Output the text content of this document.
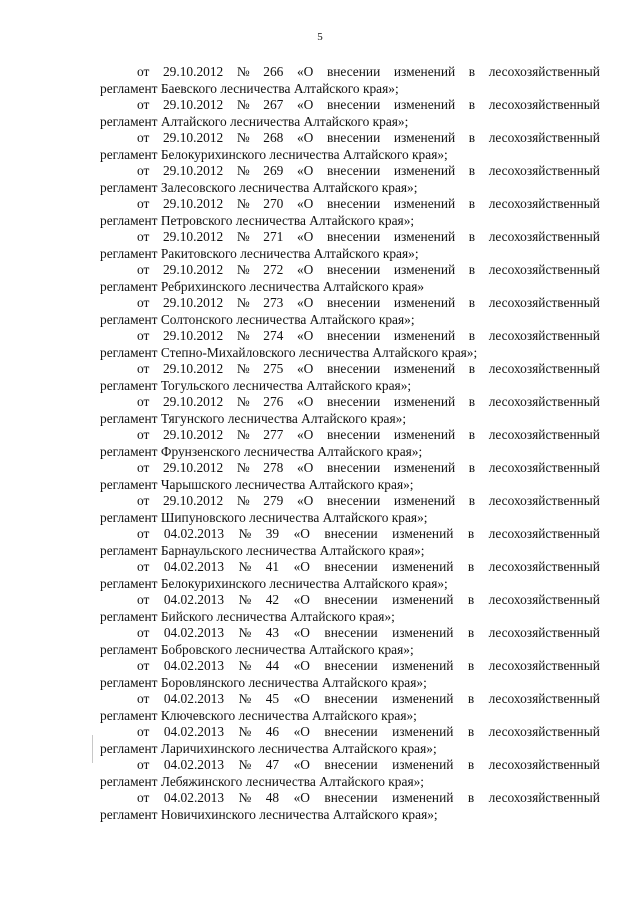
5
от 29.10.2012 № 266 «О внесении изменений в лесохозяйственный
регламент Баевского лесничества Алтайского края»;
от 29.10.2012 № 267 «О внесении изменений в лесохозяйственный
регламент Алтайского лесничества Алтайского края»;
от 29.10.2012 № 268 «О внесении изменений в лесохозяйственный
регламент Белокурихинского лесничества Алтайского края»;
от 29.10.2012 № 269 «О внесении изменений в лесохозяйственный
регламент Залесовского лесничества Алтайского края»;
от 29.10.2012 № 270 «О внесении изменений в лесохозяйственный
регламент Петровского лесничества Алтайского края»;
от 29.10.2012 № 271 «О внесении изменений в лесохозяйственный
регламент Ракитовского лесничества Алтайского края»;
от 29.10.2012 № 272 «О внесении изменений в лесохозяйственный
регламент Ребрихинского лесничества Алтайского края»
от 29.10.2012 № 273 «О внесении изменений в лесохозяйственный
регламент Солтонского лесничества Алтайского края»;
от 29.10.2012 № 274 «О внесении изменений в лесохозяйственный
регламент Степно-Михайловского лесничества Алтайского края»;
от 29.10.2012 № 275 «О внесении изменений в лесохозяйственный
регламент Тогульского лесничества Алтайского края»;
от 29.10.2012 № 276 «О внесении изменений в лесохозяйственный
регламент Тягунского лесничества Алтайского края»;
от 29.10.2012 № 277 «О внесении изменений в лесохозяйственный
регламент Фрунзенского лесничества Алтайского края»;
от 29.10.2012 № 278 «О внесении изменений в лесохозяйственный
регламент Чарышского лесничества Алтайского края»;
от 29.10.2012 № 279 «О внесении изменений в лесохозяйственный
регламент Шипуновского лесничества Алтайского края»;
от 04.02.2013 № 39 «О внесении изменений в лесохозяйственный
регламент Барнаульского лесничества Алтайского края»;
от 04.02.2013 № 41 «О внесении изменений в лесохозяйственный
регламент Белокурихинского лесничества Алтайского края»;
от 04.02.2013 № 42 «О внесении изменений в лесохозяйственный
регламент Бийского лесничества Алтайского края»;
от 04.02.2013 № 43 «О внесении изменений в лесохозяйственный
регламент Бобровского лесничества Алтайского края»;
от 04.02.2013 № 44 «О внесении изменений в лесохозяйственный
регламент Боровлянского лесничества Алтайского края»;
от 04.02.2013 № 45 «О внесении изменений в лесохозяйственный
регламент Ключевского лесничества Алтайского края»;
от 04.02.2013 № 46 «О внесении изменений в лесохозяйственный
регламент Ларичихинского лесничества Алтайского края»;
от 04.02.2013 № 47 «О внесении изменений в лесохозяйственный
регламент Лебяжинского лесничества Алтайского края»;
от 04.02.2013 № 48 «О внесении изменений в лесохозяйственный
регламент Новичихинского лесничества Алтайского края»;
